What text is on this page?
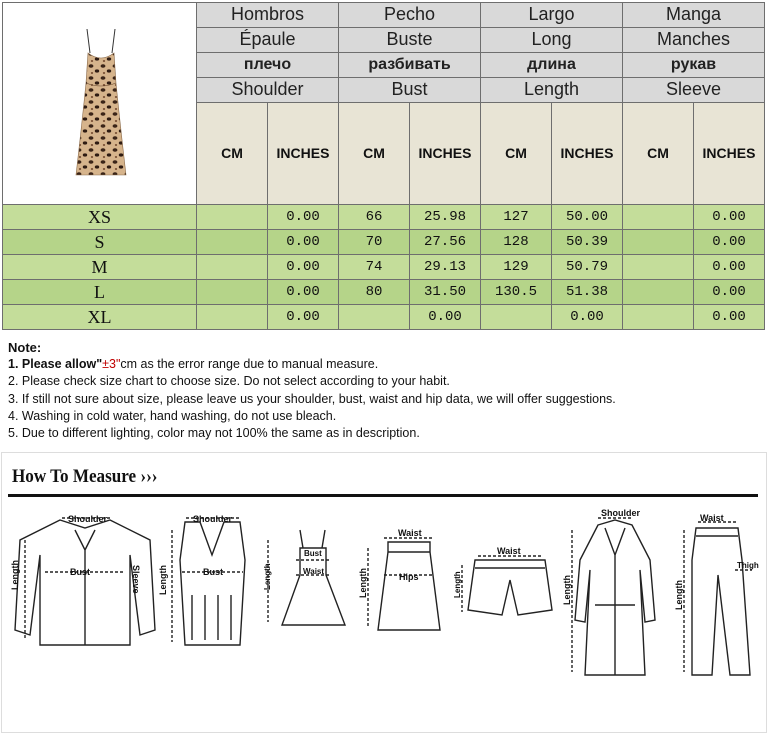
	Hombros		Pecho		Largo		Manga	
	Épaule		Buste		Long		Manches	
	плечо		разбивать		длина		рукав	
	Shoulder		Bust		Length		Sleeve	
	CM	INCHES	CM	INCHES	CM	INCHES	CM	INCHES
XS		0.00	66	25.98	127	50.00		0.00
S		0.00	70	27.56	128	50.39		0.00
M		0.00	74	29.13	129	50.79		0.00
L		0.00	80	31.50	130.5	51.38		0.00
XL		0.00		0.00		0.00		0.00
Note:
1. Please allow"±3"cm as the error range due to manual measure.
2. Please check size chart to choose size. Do not select according to your habit.
3. If still not sure about size, please leave us your shoulder, bust, waist and hip data, we will offer suggestions.
4. Washing in cold water, hand washing, do not use bleach.
5. Due to different lighting, color may not 100% the same as in description.
How To Measure ›››
Shoulder
Bust
Length	Sleeve
Shoulder
Bust
Length
Bust
Waist
Length
Waist
Hips
Length
Waist
Length
Shoulder
Length
Waist
Thigh
Length
